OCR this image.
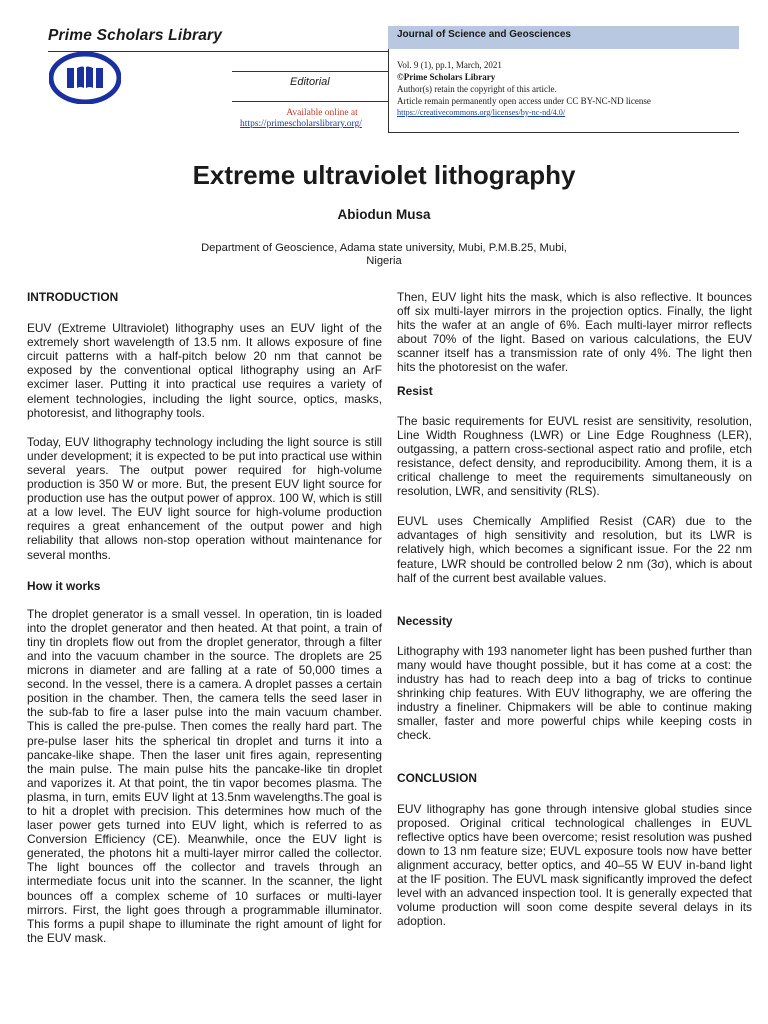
Prime Scholars Library
Editorial
Available online at
https://primescholarslibrary.org/
Journal of Science and Geosciences
Vol. 9 (1), pp.1, March, 2021
©Prime Scholars Library
Author(s) retain the copyright of this article.
Article remain permanently open access under CC BY-NC-ND license
https://creativecommons.org/licenses/by-nc-nd/4.0/
Extreme ultraviolet lithography
Abiodun Musa
Department of Geoscience, Adama state university, Mubi, P.M.B.25, Mubi,
Nigeria
INTRODUCTION

EUV (Extreme Ultraviolet) lithography uses an EUV light of the extremely short wavelength of 13.5 nm. It allows exposure of fine circuit patterns with a half-pitch below 20 nm that cannot be exposed by the conventional optical lithography using an ArF excimer laser. Putting it into practical use requires a variety of element technologies, including the light source, optics, masks, photoresist, and lithography tools.

Today, EUV lithography technology including the light source is still under development; it is expected to be put into practical use within several years. The output power required for high-volume production is 350 W or more. But, the present EUV light source for production use has the output power of approx. 100 W, which is still at a low level. The EUV light source for high-volume production requires a great enhancement of the output power and high reliability that allows non-stop operation without maintenance for several months.

How it works

The droplet generator is a small vessel. In operation, tin is loaded into the droplet generator and then heated. At that point, a train of tiny tin droplets flow out from the droplet generator, through a filter and into the vacuum chamber in the source. The droplets are 25 microns in diameter and are falling at a rate of 50,000 times a second. In the vessel, there is a camera. A droplet passes a certain position in the chamber. Then, the camera tells the seed laser in the sub-fab to fire a laser pulse into the main vacuum chamber. This is called the pre-pulse. Then comes the really hard part. The pre-pulse laser hits the spherical tin droplet and turns it into a pancake-like shape. Then the laser unit fires again, representing the main pulse. The main pulse hits the pancake-like tin droplet and vaporizes it. At that point, the tin vapor becomes plasma. The plasma, in turn, emits EUV light at 13.5nm wavelengths.The goal is to hit a droplet with precision. This determines how much of the laser power gets turned into EUV light, which is referred to as Conversion Efficiency (CE). Meanwhile, once the EUV light is generated, the photons hit a multi-layer mirror called the collector. The light bounces off the collector and travels through an intermediate focus unit into the scanner. In the scanner, the light bounces off a complex scheme of 10 surfaces or multi-layer mirrors. First, the light goes through a programmable illuminator. This forms a pupil shape to illuminate the right amount of light for the EUV mask.

Then, EUV light hits the mask, which is also reflective. It bounces off six multi-layer mirrors in the projection optics. Finally, the light hits the wafer at an angle of 6%. Each multi-layer mirror reflects about 70% of the light. Based on various calculations, the EUV scanner itself has a transmission rate of only 4%. The light then hits the photoresist on the wafer.

Resist

The basic requirements for EUVL resist are sensitivity, resolution, Line Width Roughness (LWR) or Line Edge Roughness (LER), outgassing, a pattern cross-sectional aspect ratio and profile, etch resistance, defect density, and reproducibility. Among them, it is a critical challenge to meet the requirements simultaneously on resolution, LWR, and sensitivity (RLS).

EUVL uses Chemically Amplified Resist (CAR) due to the advantages of high sensitivity and resolution, but its LWR is relatively high, which becomes a significant issue. For the 22 nm feature, LWR should be controlled below 2 nm (3σ), which is about half of the current best available values.

Necessity

Lithography with 193 nanometer light has been pushed further than many would have thought possible, but it has come at a cost: the industry has had to reach deep into a bag of tricks to continue shrinking chip features. With EUV lithography, we are offering the industry a fineliner. Chipmakers will be able to continue making smaller, faster and more powerful chips while keeping costs in check.

CONCLUSION

EUV lithography has gone through intensive global studies since proposed. Original critical technological challenges in EUVL reflective optics have been overcome; resist resolution was pushed down to 13 nm feature size; EUVL exposure tools now have better alignment accuracy, better optics, and 40–55 W EUV in-band light at the IF position. The EUVL mask significantly improved the defect level with an advanced inspection tool. It is generally expected that volume production will soon come despite several delays in its adoption.
